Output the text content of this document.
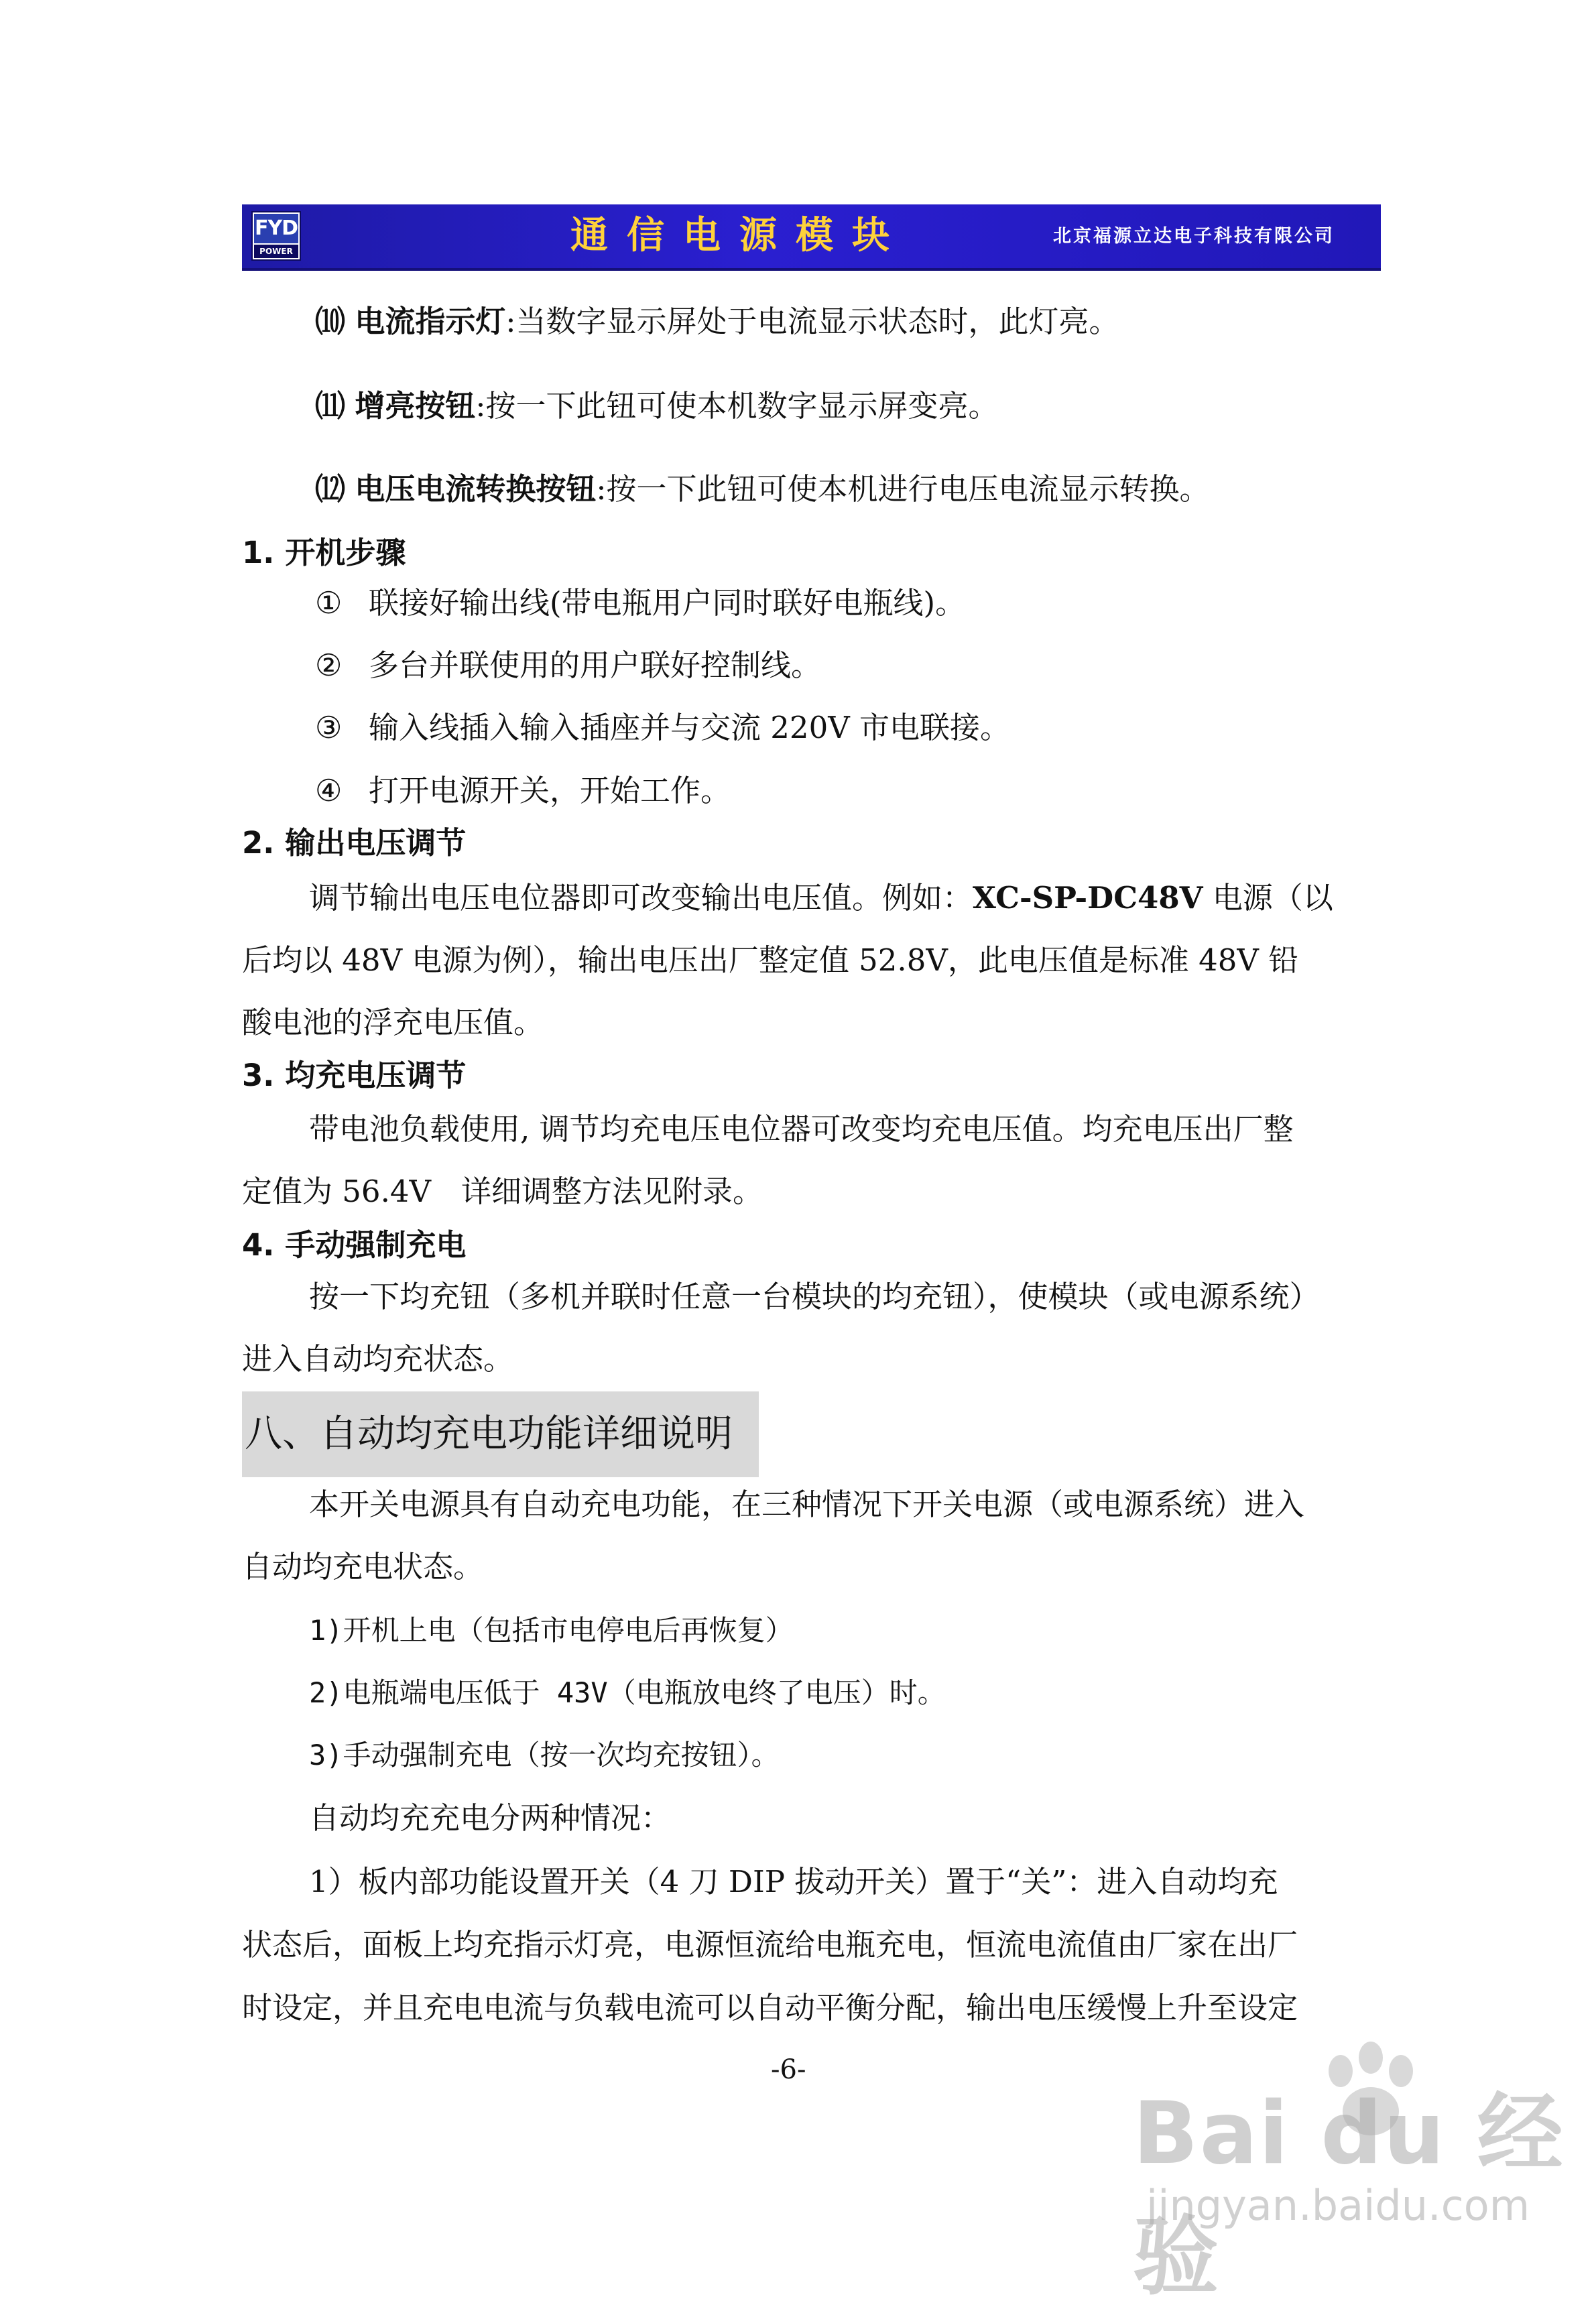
FYD
POWER	通信电源模块	北京福源立达电子科技有限公司
⑽ 电流指示灯:当数字显示屏处于电流显示状态时，此灯亮。
⑾ 增亮按钮:按一下此钮可使本机数字显示屏变亮。
⑿ 电压电流转换按钮:按一下此钮可使本机进行电压电流显示转换。
1. 开机步骤
① 联接好输出线(带电瓶用户同时联好电瓶线)。
② 多台并联使用的用户联好控制线。
③ 输入线插入输入插座并与交流 220V 市电联接。
④ 打开电源开关，开始工作。
2. 输出电压调节
调节输出电压电位器即可改变输出电压值。例如：XC-SP-DC48V 电源（以
后均以 48V 电源为例），输出电压出厂整定值 52.8V，此电压值是标准 48V 铅
酸电池的浮充电压值。
3. 均充电压调节
带电池负载使用, 调节均充电压电位器可改变均充电压值。均充电压出厂整
定值为 56.4V　详细调整方法见附录。
4. 手动强制充电
按一下均充钮（多机并联时任意一台模块的均充钮），使模块（或电源系统）
进入自动均充状态。
八、自动均充电功能详细说明
本开关电源具有自动充电功能，在三种情况下开关电源（或电源系统）进入
自动均充电状态。
1)开机上电（包括市电停电后再恢复）
2)电瓶端电压低于 43V（电瓶放电终了电压）时。
3)手动强制充电（按一次均充按钮）。
自动均充充电分两种情况：
1）板内部功能设置开关（4 刀 DIP 拔动开关）置于“关”：进入自动均充
状态后，面板上均充指示灯亮，电源恒流给电瓶充电，恒流电流值由厂家在出厂
时设定，并且充电电流与负载电流可以自动平衡分配，输出电压缓慢上升至设定
-6-
Bai du 经验
jingyan.baidu.com
